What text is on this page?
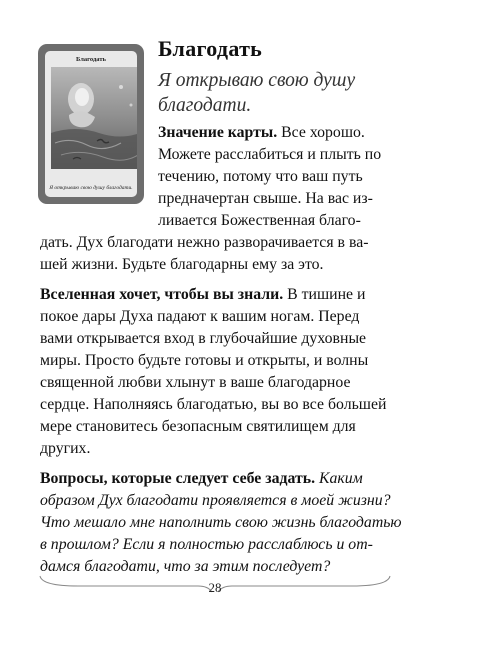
Благодать
Я открываю свою душу благодати.
Благодать
Я открываю свою душу
благодати.
Значение карты. Все хорошо.
Можете расслабиться и плыть по
течению, потому что ваш путь
предначертан свыше. На вас из-
ливается Божественная благо-
дать. Дух благодати нежно разворачивается в ва-
шей жизни. Будьте благодарны ему за это.
Вселенная хочет, чтобы вы знали. В тишине и
покое дары Духа падают к вашим ногам. Перед
вами открывается вход в глубочайшие духовные
миры. Просто будьте готовы и открыты, и волны
священной любви хлынут в ваше благодарное
сердце. Наполняясь благодатью, вы во все большей
мере становитесь безопасным святилищем для
других.
Вопросы, которые следует себе задать. Каким
образом Дух благодати проявляется в моей жизни?
Что мешало мне наполнить свою жизнь благодатью
в прошлом? Если я полностью расслаблюсь и от-
дамся благодати, что за этим последует?
28
